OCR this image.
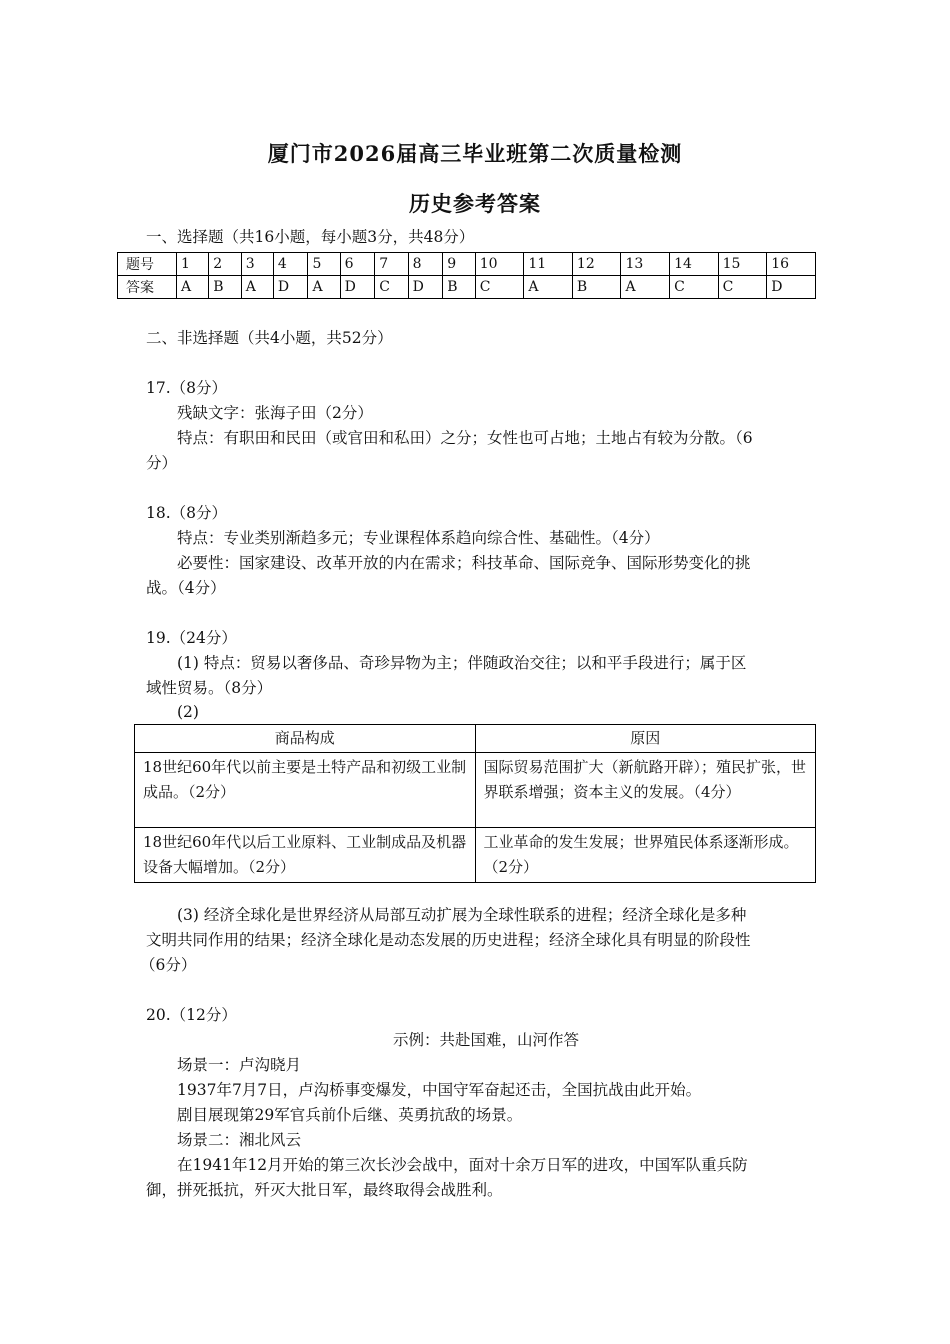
厦门市2026届高三毕业班第二次质量检测
历史参考答案
一、选择题（共16小题，每小题3分，共48分）
题号	1	2	3	4	5	6	7	8	9	10	11	12	13	14	15	16
答案	A	B	A	D	A	D	C	D	B	C	A	B	A	C	C	D
二、非选择题（共4小题，共52分）
17.（8分）
残缺文字：张海子田（2分）
特点：有职田和民田（或官田和私田）之分；女性也可占地；土地占有较为分散。（6
分）
18.（8分）
特点：专业类别渐趋多元；专业课程体系趋向综合性、基础性。（4分）
必要性：国家建设、改革开放的内在需求；科技革命、国际竞争、国际形势变化的挑
战。（4分）
19.（24分）
(1) 特点：贸易以奢侈品、奇珍异物为主；伴随政治交往；以和平手段进行；属于区
域性贸易。（8分）
(2)
商品构成	原因
18世纪60年代以前主要是土特产品和初级工业制成品。（2分）	国际贸易范围扩大（新航路开辟）；殖民扩张，世界联系增强；资本主义的发展。（4分）
18世纪60年代以后工业原料、工业制成品及机器设备大幅增加。（2分）	工业革命的发生发展；世界殖民体系逐渐形成。（2分）
(3) 经济全球化是世界经济从局部互动扩展为全球性联系的进程；经济全球化是多种
文明共同作用的结果；经济全球化是动态发展的历史进程；经济全球化具有明显的阶段性
（6分）
20.（12分）
示例：共赴国难，山河作答
场景一：卢沟晓月
1937年7月7日，卢沟桥事变爆发，中国守军奋起还击，全国抗战由此开始。
剧目展现第29军官兵前仆后继、英勇抗敌的场景。
场景二：湘北风云
在1941年12月开始的第三次长沙会战中，面对十余万日军的进攻，中国军队重兵防
御，拼死抵抗，歼灭大批日军，最终取得会战胜利。
